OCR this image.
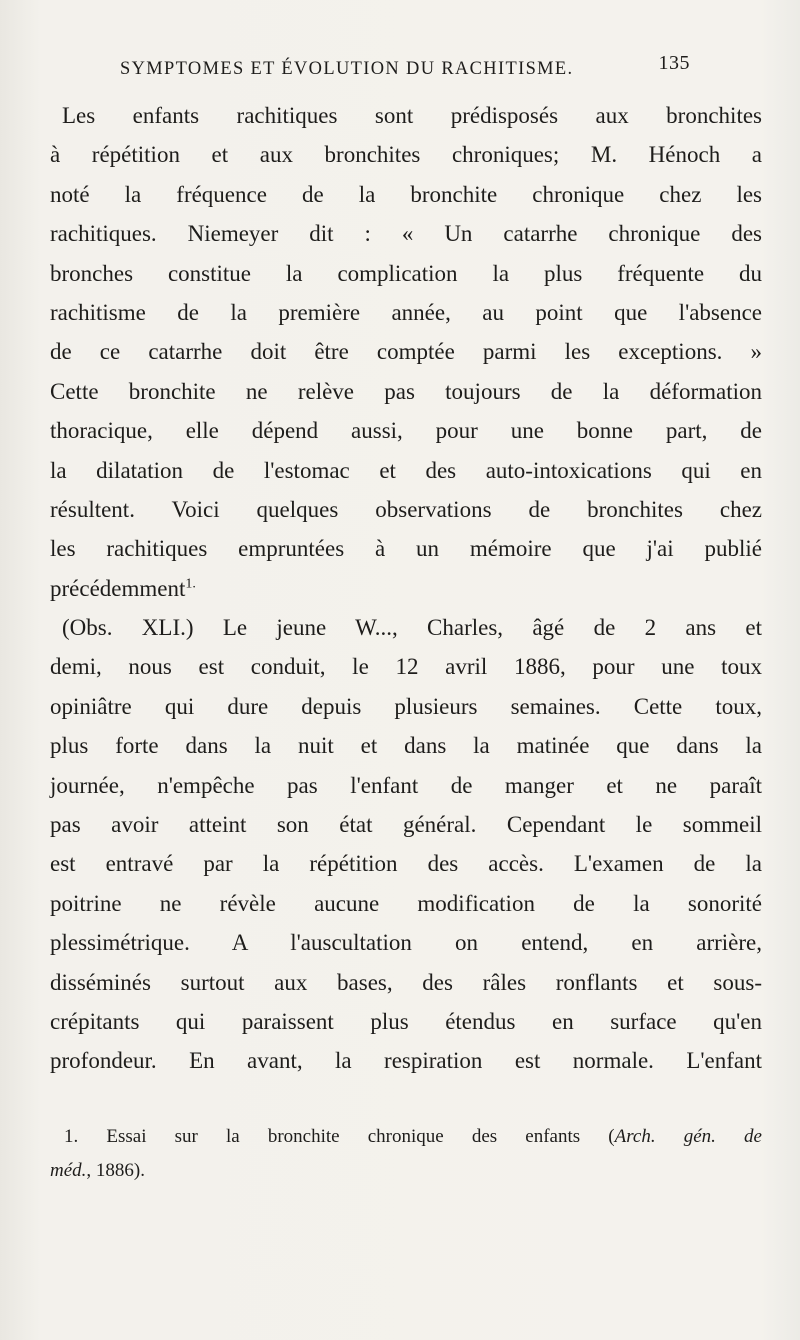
SYMPTOMES ET ÉVOLUTION DU RACHITISME.	135
Les enfants rachitiques sont prédisposés aux bronchites
à répétition et aux bronchites chroniques; M. Hénoch a
noté la fréquence de la bronchite chronique chez les
rachitiques. Niemeyer dit : « Un catarrhe chronique des
bronches constitue la complication la plus fréquente du
rachitisme de la première année, au point que l'absence
de ce catarrhe doit être comptée parmi les exceptions. »
Cette bronchite ne relève pas toujours de la déformation
thoracique, elle dépend aussi, pour une bonne part, de
la dilatation de l'estomac et des auto-intoxications qui en
résultent. Voici quelques observations de bronchites chez
les rachitiques empruntées à un mémoire que j'ai publié
précédemment$^{1.}$
(Obs. XLI.) Le jeune W..., Charles, âgé de 2 ans et
demi, nous est conduit, le 12 avril 1886, pour une toux
opiniâtre qui dure depuis plusieurs semaines. Cette toux,
plus forte dans la nuit et dans la matinée que dans la
journée, n'empêche pas l'enfant de manger et ne paraît
pas avoir atteint son état général. Cependant le sommeil
est entravé par la répétition des accès. L'examen de la
poitrine ne révèle aucune modification de la sonorité
plessimétrique. A l'auscultation on entend, en arrière,
disséminés surtout aux bases, des râles ronflants et sous-
crépitants qui paraissent plus étendus en surface qu'en
profondeur. En avant, la respiration est normale. L'enfant
1. Essai sur la bronchite chronique des enfants (Arch. gén. de
méd., 1886).
